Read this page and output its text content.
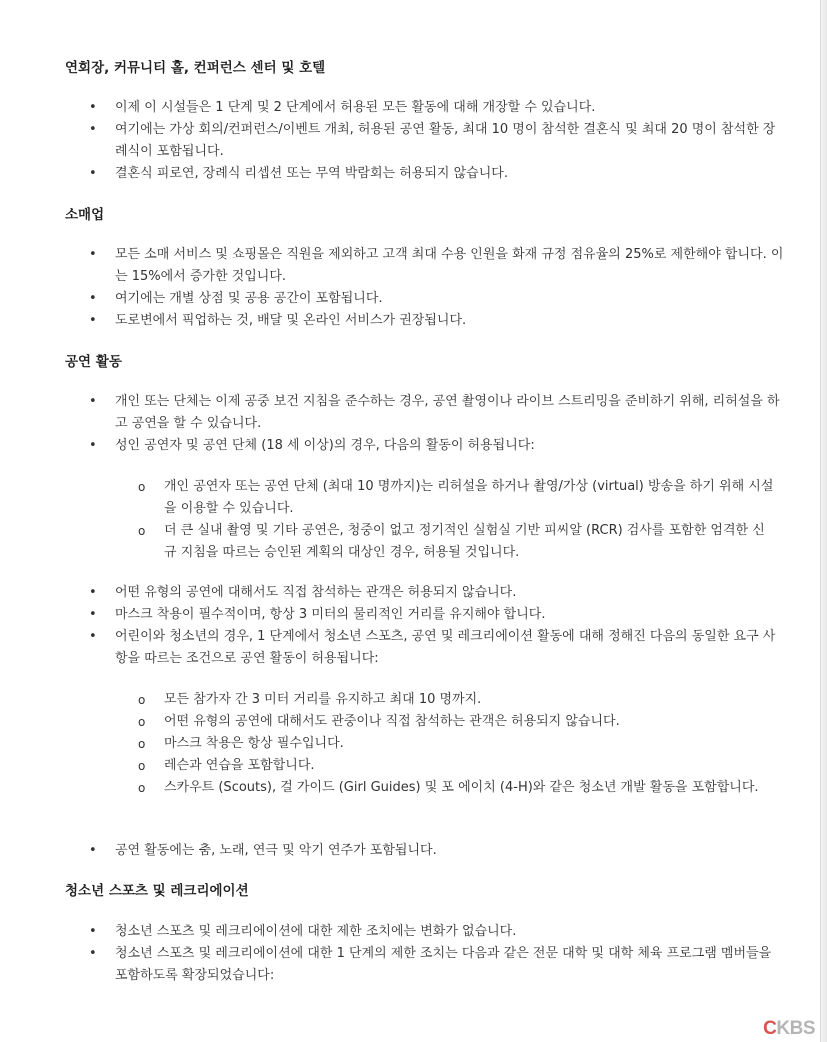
연회장, 커뮤니티 홀, 컨퍼런스 센터 및 호텔
• 이제 이 시설들은 1 단계 및 2 단계에서 허용된 모든 활동에 대해 개장할 수 있습니다.
• 여기에는 가상 회의/컨퍼런스/이벤트 개최, 허용된 공연 활동, 최대 10 명이 참석한 결혼식 및 최대 20 명이 참석한 장례식이 포함됩니다.
• 결혼식 피로연, 장례식 리셉션 또는 무역 박람회는 허용되지 않습니다.
소매업
• 모든 소매 서비스 및 쇼핑몰은 직원을 제외하고 고객 최대 수용 인원을 화재 규정 점유율의 25%로 제한해야 합니다. 이는 15%에서 증가한 것입니다.
• 여기에는 개별 상점 및 공용 공간이 포함됩니다.
• 도로변에서 픽업하는 것, 배달 및 온라인 서비스가 권장됩니다.
공연 활동
• 개인 또는 단체는 이제 공중 보건 지침을 준수하는 경우, 공연 촬영이나 라이브 스트리밍을 준비하기 위해, 리허설을 하고 공연을 할 수 있습니다.
• 성인 공연자 및 공연 단체 (18 세 이상)의 경우, 다음의 활동이 허용됩니다:
o 개인 공연자 또는 공연 단체 (최대 10 명까지)는 리허설을 하거나 촬영/가상 (virtual) 방송을 하기 위해 시설을 이용할 수 있습니다.
o 더 큰 실내 촬영 및 기타 공연은, 청중이 없고 정기적인 실험실 기반 피씨알 (RCR) 검사를 포함한 엄격한 신규 지침을 따르는 승인된 계획의 대상인 경우, 허용될 것입니다.
• 어떤 유형의 공연에 대해서도 직접 참석하는 관객은 허용되지 않습니다.
• 마스크 착용이 필수적이며, 항상 3 미터의 물리적인 거리를 유지해야 합니다.
• 어린이와 청소년의 경우, 1 단계에서 청소년 스포츠, 공연 및 레크리에이션 활동에 대해 정해진 다음의 동일한 요구 사항을 따르는 조건으로 공연 활동이 허용됩니다:
o 모든 참가자 간 3 미터 거리를 유지하고 최대 10 명까지.
o 어떤 유형의 공연에 대해서도 관중이나 직접 참석하는 관객은 허용되지 않습니다.
o 마스크 착용은 항상 필수입니다.
o 레슨과 연습을 포함합니다.
o 스카우트 (Scouts), 걸 가이드 (Girl Guides) 및 포 에이치 (4-H)와 같은 청소년 개발 활동을 포함합니다.
• 공연 활동에는 춤, 노래, 연극 및 악기 연주가 포함됩니다.
청소년 스포츠 및 레크리에이션
• 청소년 스포츠 및 레크리에이션에 대한 제한 조치에는 변화가 없습니다.
• 청소년 스포츠 및 레크리에이션에 대한 1 단계의 제한 조치는 다음과 같은 전문 대학 및 대학 체육 프로그램 멤버들을 포함하도록 확장되었습니다:
CKBS
